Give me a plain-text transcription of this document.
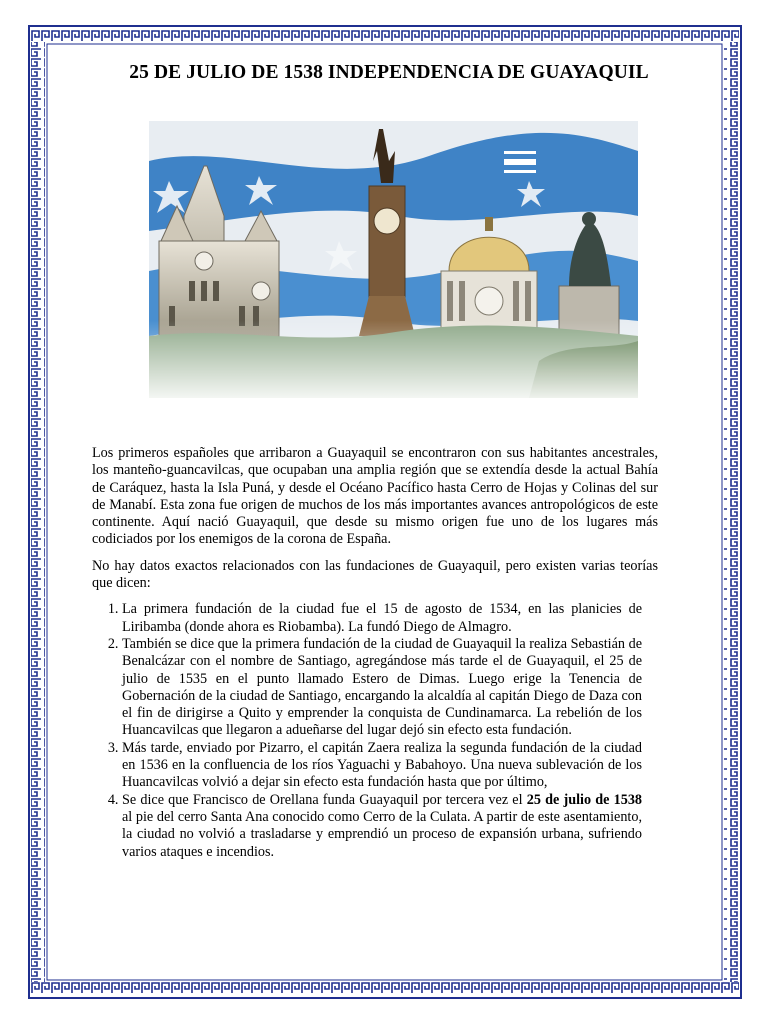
25 DE JULIO DE 1538 INDEPENDENCIA DE GUAYAQUIL

Los primeros españoles que arribaron a Guayaquil se encontraron con sus habitantes ancestrales, los manteño-guancavilcas, que ocupaban una amplia región que se extendía desde la actual Bahía de Caráquez, hasta la Isla Puná, y desde el Océano Pacífico hasta Cerro de Hojas y Colinas del sur de Manabí. Esta zona fue origen de muchos de los más importantes avances antropológicos de este continente. Aquí nació Guayaquil, que desde su mismo origen fue uno de los lugares más codiciados por los enemigos de la corona de España.

No hay datos exactos relacionados con las fundaciones de Guayaquil, pero existen varias teorías que dicen:

1. La primera fundación de la ciudad fue el 15 de agosto de 1534, en las planicies de Liribamba (donde ahora es Riobamba). La fundó Diego de Almagro.
2. También se dice que la primera fundación de la ciudad de Guayaquil la realiza Sebastián de Benalcázar con el nombre de Santiago, agregándose más tarde el de Guayaquil, el 25 de julio de 1535 en el punto llamado Estero de Dimas. Luego erige la Tenencia de Gobernación de la ciudad de Santiago, encargando la alcaldía al capitán Diego de Daza con el fin de dirigirse a Quito y emprender la conquista de Cundinamarca. La rebelión de los Huancavilcas que llegaron a adueñarse del lugar dejó sin efecto esta fundación.
3. Más tarde, enviado por Pizarro, el capitán Zaera realiza la segunda fundación de la ciudad en 1536 en la confluencia de los ríos Yaguachi y Babahoyo. Una nueva sublevación de los Huancavilcas volvió a dejar sin efecto esta fundación hasta que por último,
4. Se dice que Francisco de Orellana funda Guayaquil por tercera vez el 25 de julio de 1538 al pie del cerro Santa Ana conocido como Cerro de la Culata. A partir de este asentamiento, la ciudad no volvió a trasladarse y emprendió un proceso de expansión urbana, sufriendo varios ataques e incendios.
